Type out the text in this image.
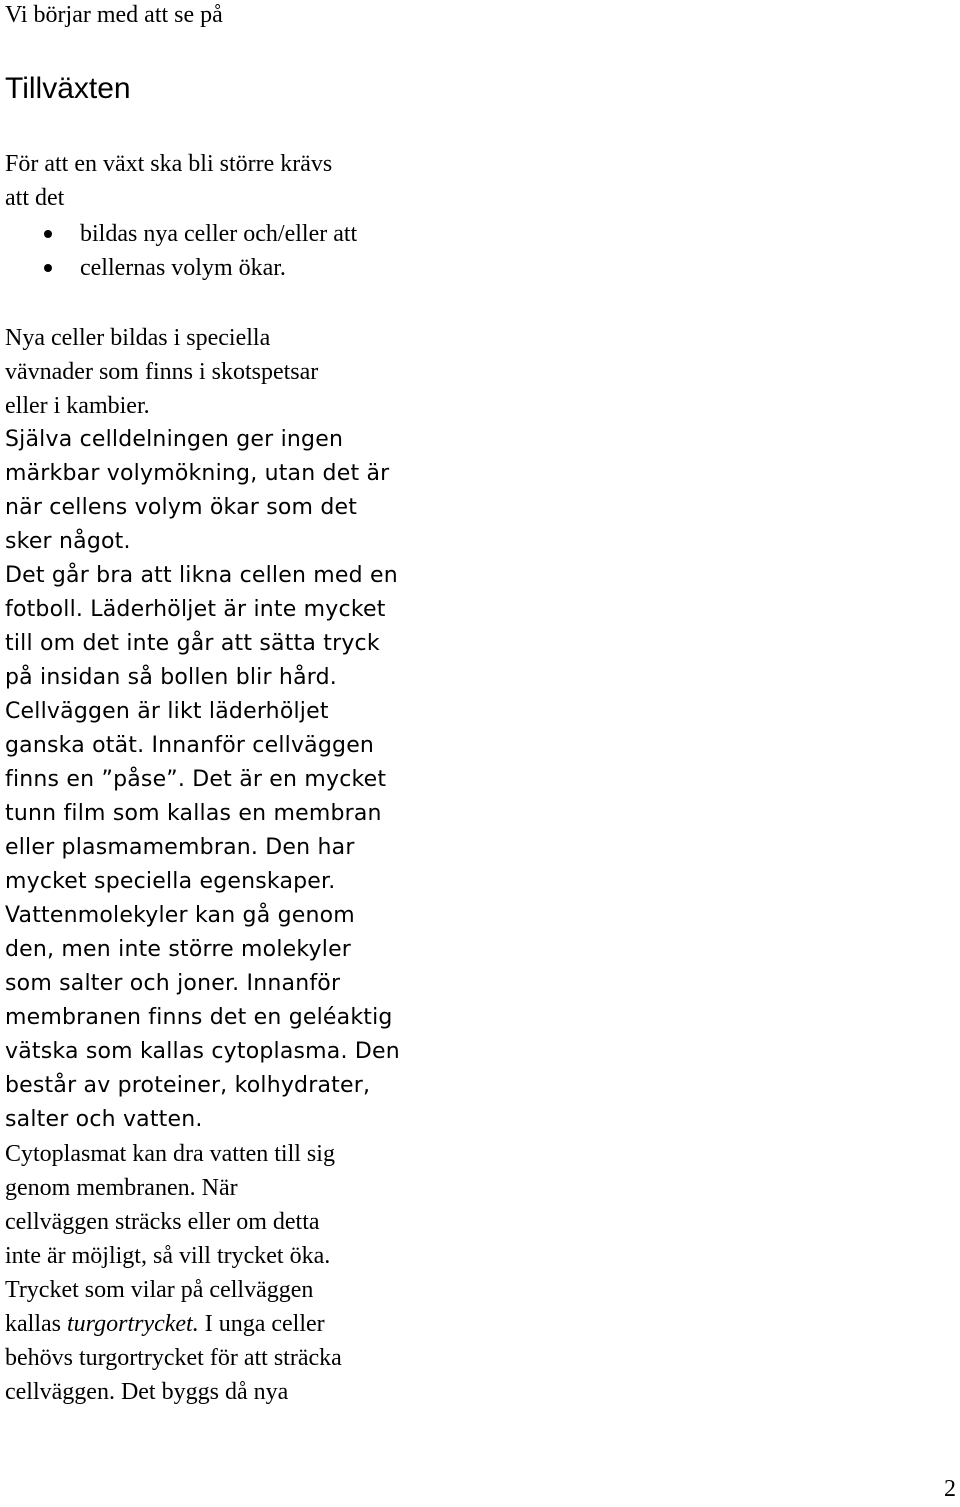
Vi börjar med att se på
Tillväxten
För att en växt ska bli större krävs
att det
bildas nya celler och/eller att
cellernas volym ökar.
Nya celler bildas i speciella
vävnader som finns i skotspetsar
eller i kambier.
Själva celldelningen ger ingen
märkbar volymökning, utan det är
när cellens volym ökar som det
sker något.
Det går bra att likna cellen med en
fotboll. Läderhöljet är inte mycket
till om det inte går att sätta tryck
på insidan så bollen blir hård.
Cellväggen är likt läderhöljet
ganska otät. Innanför cellväggen
finns en ”påse”. Det är en mycket
tunn film som kallas en membran
eller plasmamembran. Den har
mycket speciella egenskaper.
Vattenmolekyler kan gå genom
den, men inte större molekyler
som salter och joner. Innanför
membranen finns det en geléaktig
vätska som kallas cytoplasma. Den
består av proteiner, kolhydrater,
salter och vatten.
Cytoplasmat kan dra vatten till sig
genom membranen. När
cellväggen sträcks eller om detta
inte är möjligt, så vill trycket öka.
Trycket som vilar på cellväggen
kallas turgortrycket. I unga celler
behövs turgortrycket för att sträcka
cellväggen. Det byggs då nya
2
